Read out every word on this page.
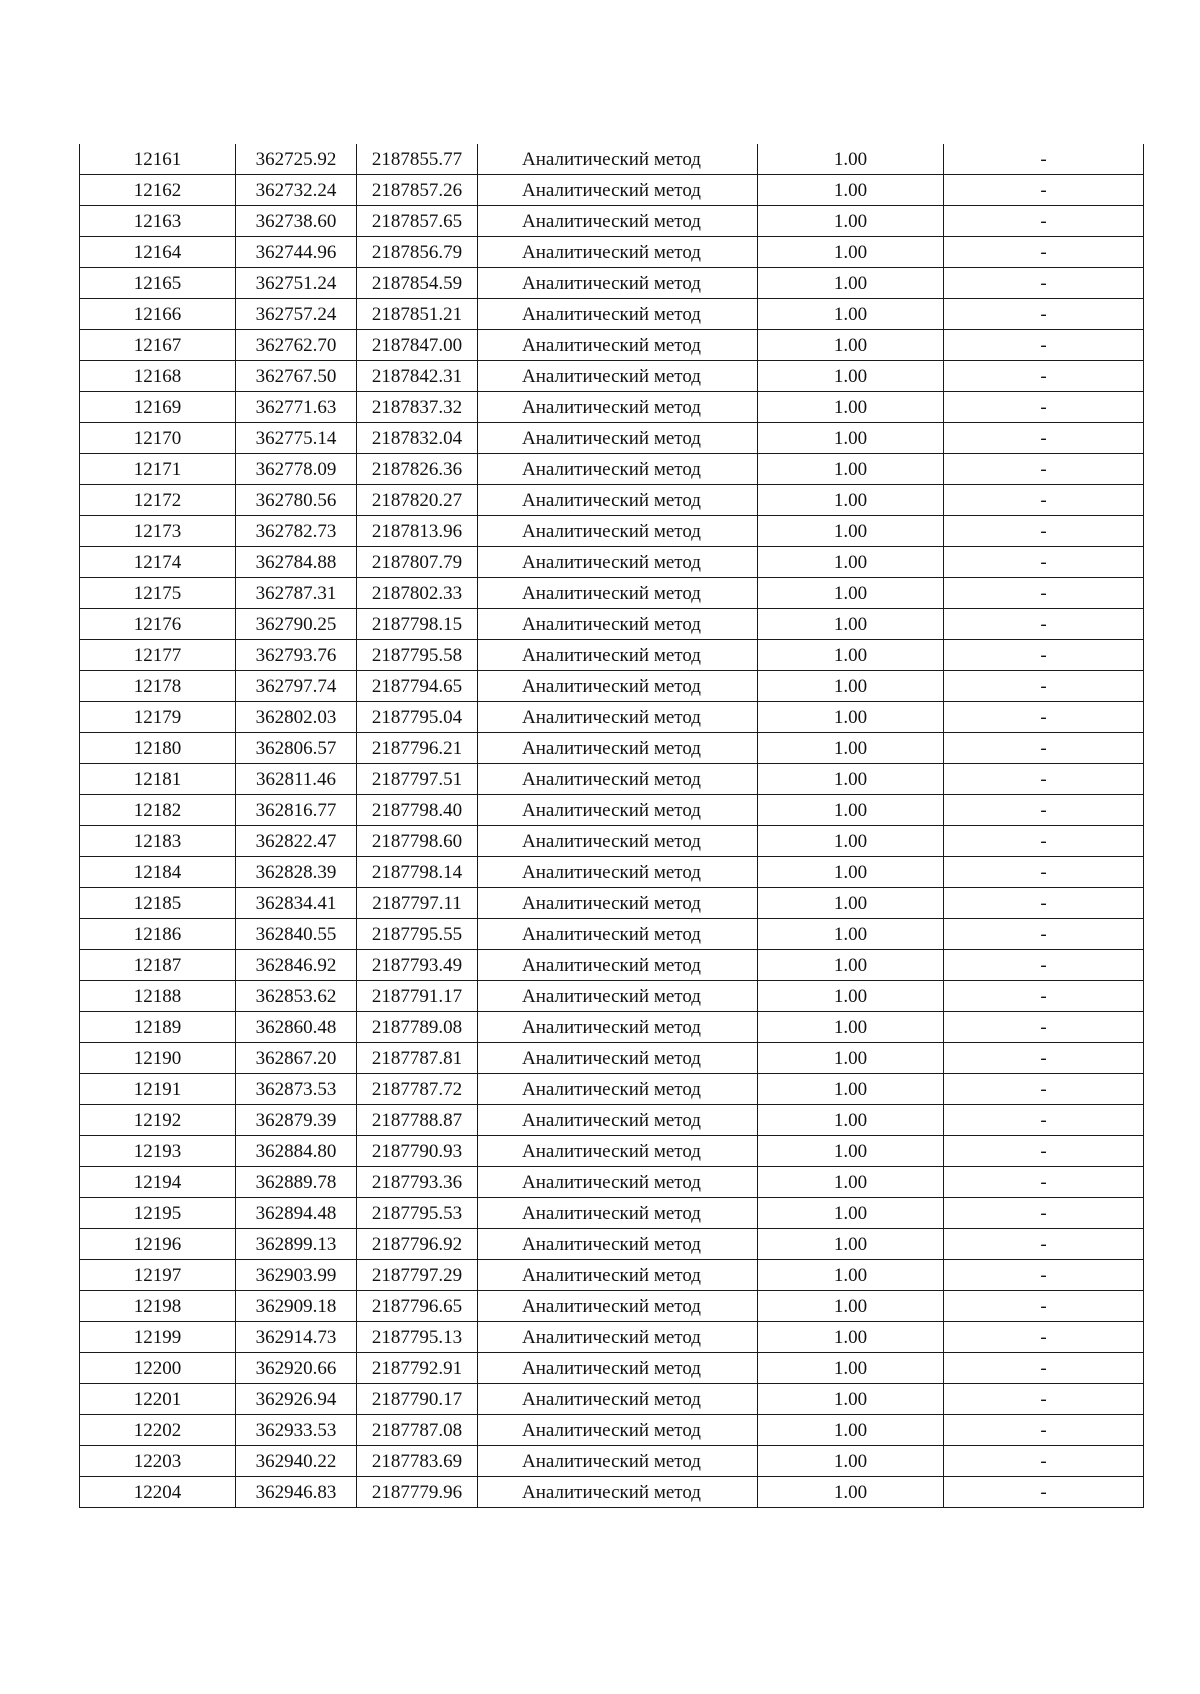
12161	362725.92	2187855.77	Аналитический метод	1.00	-
12162	362732.24	2187857.26	Аналитический метод	1.00	-
12163	362738.60	2187857.65	Аналитический метод	1.00	-
12164	362744.96	2187856.79	Аналитический метод	1.00	-
12165	362751.24	2187854.59	Аналитический метод	1.00	-
12166	362757.24	2187851.21	Аналитический метод	1.00	-
12167	362762.70	2187847.00	Аналитический метод	1.00	-
12168	362767.50	2187842.31	Аналитический метод	1.00	-
12169	362771.63	2187837.32	Аналитический метод	1.00	-
12170	362775.14	2187832.04	Аналитический метод	1.00	-
12171	362778.09	2187826.36	Аналитический метод	1.00	-
12172	362780.56	2187820.27	Аналитический метод	1.00	-
12173	362782.73	2187813.96	Аналитический метод	1.00	-
12174	362784.88	2187807.79	Аналитический метод	1.00	-
12175	362787.31	2187802.33	Аналитический метод	1.00	-
12176	362790.25	2187798.15	Аналитический метод	1.00	-
12177	362793.76	2187795.58	Аналитический метод	1.00	-
12178	362797.74	2187794.65	Аналитический метод	1.00	-
12179	362802.03	2187795.04	Аналитический метод	1.00	-
12180	362806.57	2187796.21	Аналитический метод	1.00	-
12181	362811.46	2187797.51	Аналитический метод	1.00	-
12182	362816.77	2187798.40	Аналитический метод	1.00	-
12183	362822.47	2187798.60	Аналитический метод	1.00	-
12184	362828.39	2187798.14	Аналитический метод	1.00	-
12185	362834.41	2187797.11	Аналитический метод	1.00	-
12186	362840.55	2187795.55	Аналитический метод	1.00	-
12187	362846.92	2187793.49	Аналитический метод	1.00	-
12188	362853.62	2187791.17	Аналитический метод	1.00	-
12189	362860.48	2187789.08	Аналитический метод	1.00	-
12190	362867.20	2187787.81	Аналитический метод	1.00	-
12191	362873.53	2187787.72	Аналитический метод	1.00	-
12192	362879.39	2187788.87	Аналитический метод	1.00	-
12193	362884.80	2187790.93	Аналитический метод	1.00	-
12194	362889.78	2187793.36	Аналитический метод	1.00	-
12195	362894.48	2187795.53	Аналитический метод	1.00	-
12196	362899.13	2187796.92	Аналитический метод	1.00	-
12197	362903.99	2187797.29	Аналитический метод	1.00	-
12198	362909.18	2187796.65	Аналитический метод	1.00	-
12199	362914.73	2187795.13	Аналитический метод	1.00	-
12200	362920.66	2187792.91	Аналитический метод	1.00	-
12201	362926.94	2187790.17	Аналитический метод	1.00	-
12202	362933.53	2187787.08	Аналитический метод	1.00	-
12203	362940.22	2187783.69	Аналитический метод	1.00	-
12204	362946.83	2187779.96	Аналитический метод	1.00	-
